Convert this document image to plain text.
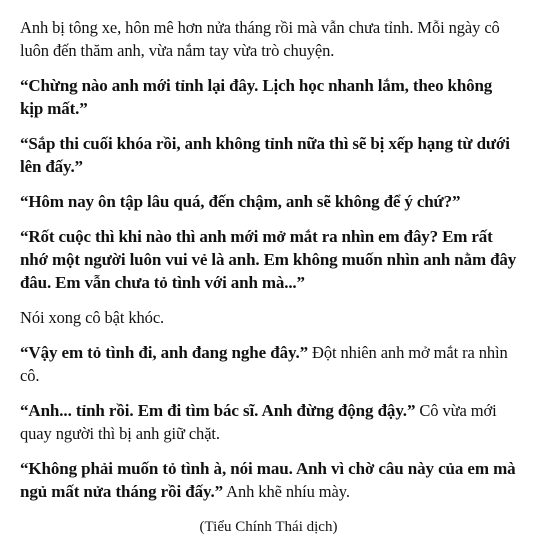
Anh bị tông xe, hôn mê hơn nửa tháng rồi mà vẫn chưa tỉnh. Mỗi ngày cô luôn đến thăm anh, vừa nắm tay vừa trò chuyện.

“Chừng nào anh mới tỉnh lại đây. Lịch học nhanh lắm, theo không kịp mất.”

“Sắp thi cuối khóa rồi, anh không tỉnh nữa thì sẽ bị xếp hạng từ dưới lên đấy.”

“Hôm nay ôn tập lâu quá, đến chậm, anh sẽ không để ý chứ?”

“Rốt cuộc thì khi nào thì anh mới mở mắt ra nhìn em đây? Em rất nhớ một người luôn vui vẻ là anh. Em không muốn nhìn anh nằm đây đâu. Em vẫn chưa tỏ tình với anh mà...”

Nói xong cô bật khóc.

“Vậy em tỏ tình đi, anh đang nghe đây.” Đột nhiên anh mở mắt ra nhìn cô.

“Anh... tỉnh rồi. Em đi tìm bác sĩ. Anh đừng động đậy.” Cô vừa mới quay người thì bị anh giữ chặt.

“Không phải muốn tỏ tình à, nói mau. Anh vì chờ câu này của em mà ngủ mất nửa tháng rồi đấy.” Anh khẽ nhíu mày.

(Tiểu Chính Thái dịch)
